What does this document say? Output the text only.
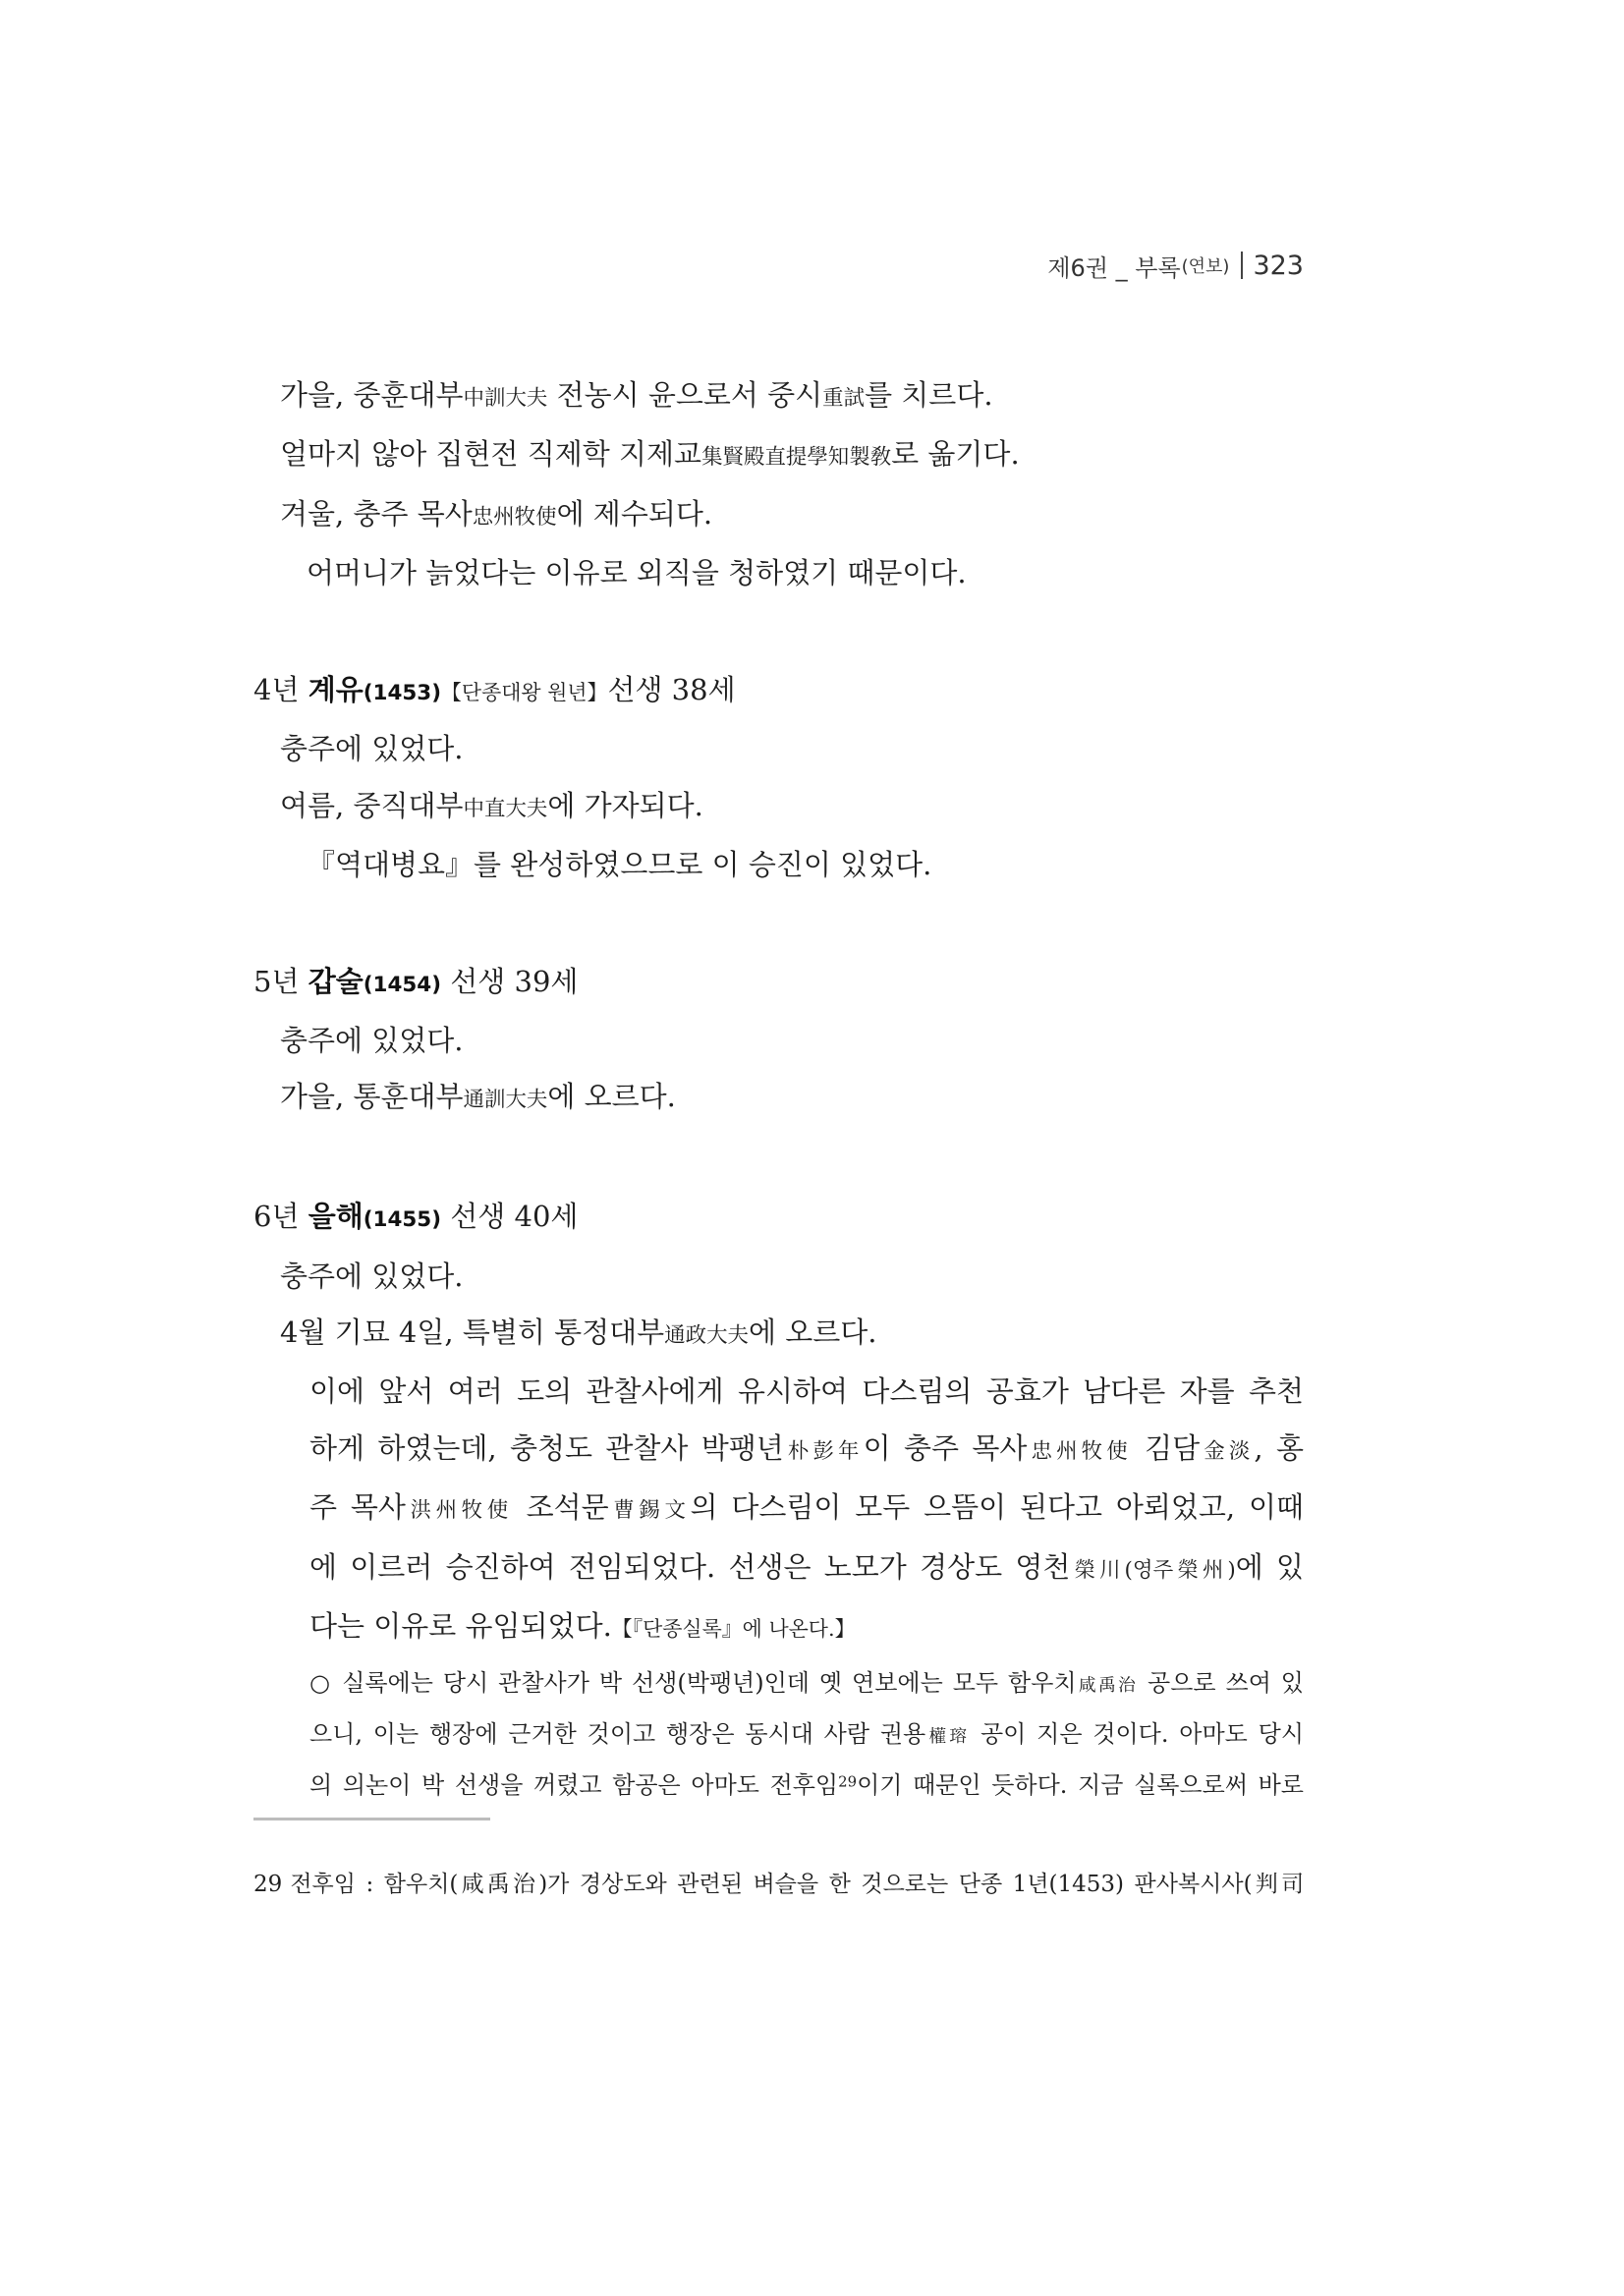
제6권 _ 부록 (연보) 323
가을, 중훈대부中訓大夫 전농시 윤으로서 중시重試를 치르다.
얼마지 않아 집현전 직제학 지제교集賢殿直提學知製敎로 옮기다.
겨울, 충주 목사忠州牧使에 제수되다.
어머니가 늙었다는 이유로 외직을 청하였기 때문이다.
4년 계유(1453)【단종대왕 원년】선생 38세
충주에 있었다.
여름, 중직대부中直大夫에 가자되다.
『역대병요』를 완성하였으므로 이 승진이 있었다.
5년 갑술(1454) 선생 39세
충주에 있었다.
가을, 통훈대부通訓大夫에 오르다.
6년 을해(1455) 선생 40세
충주에 있었다.
4월 기묘 4일, 특별히 통정대부通政大夫에 오르다.
이에 앞서 여러 도의 관찰사에게 유시하여 다스림의 공효가 남다른 자를 추천
하게 하였는데, 충청도 관찰사 박팽년朴彭年이 충주 목사忠州牧使 김담金淡, 홍
주 목사洪州牧使 조석문曹錫文의 다스림이 모두 으뜸이 된다고 아뢰었고, 이때
에 이르러 승진하여 전임되었다. 선생은 노모가 경상도 영천榮川(영주榮州)에 있
다는 이유로 유임되었다.【『단종실록』에 나온다.】
○ 실록에는 당시 관찰사가 박 선생(박팽년)인데 옛 연보에는 모두 함우치咸禹治 공으로 쓰여 있
으니, 이는 행장에 근거한 것이고 행장은 동시대 사람 권용權瑢 공이 지은 것이다. 아마도 당시
의 의논이 박 선생을 꺼렸고 함공은 아마도 전후임$^{29}$이기 때문인 듯하다. 지금 실록으로써 바로
29 전후임 : 함우치(咸禹治)가 경상도와 관련된 벼슬을 한 것으로는 단종 1년(1453) 판사복시사(判司
